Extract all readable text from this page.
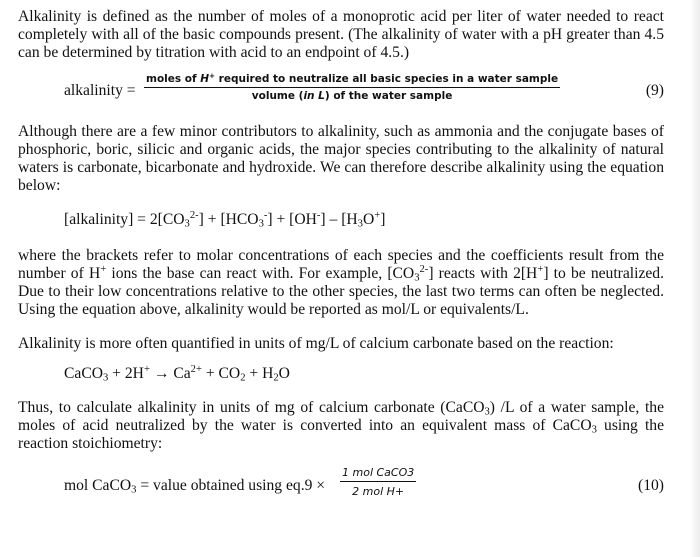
Alkalinity is defined as the number of moles of a monoprotic acid per liter of water needed to react completely with all of the basic compounds present. (The alkalinity of water with a pH greater than 4.5 can be determined by titration with acid to an endpoint of 4.5.)

alkalinity =
moles of H+ required to neutralize all basic species in a water sample
volume (in L) of the water sample	(9)

Although there are a few minor contributors to alkalinity, such as ammonia and the conjugate bases of phosphoric, boric, silicic and organic acids, the major species contributing to the alkalinity of natural waters is carbonate, bicarbonate and hydroxide. We can therefore describe alkalinity using the equation below:

[alkalinity] = $2[CO_3^{2-}] + [HCO_3^-] + [OH^-] - [H_3O^+]$

where the brackets refer to molar concentrations of each species and the coefficients result from the number of H+ ions the base can react with. For example, $[CO_3^{2-}]$ reacts with 2[H+] to be neutralized. Due to their low concentrations relative to the other species, the last two terms can often be neglected. Using the equation above, alkalinity would be reported as mol/L or equivalents/L.

Alkalinity is more often quantified in units of mg/L of calcium carbonate based on the reaction:

CaCO$_3$ + $2H^+ \to Ca^{2+} + CO_2 + H_2O$

Thus, to calculate alkalinity in units of mg of calcium carbonate (CaCO$_3$) /L of a water sample, the moles of acid neutralized by the water is converted into an equivalent mass of CaCO$_3$ using the reaction stoichiometry:

mol CaCO$_3$ = value obtained using eq.9 ×
1 mol CaCO3
2 mol H+	(10)
